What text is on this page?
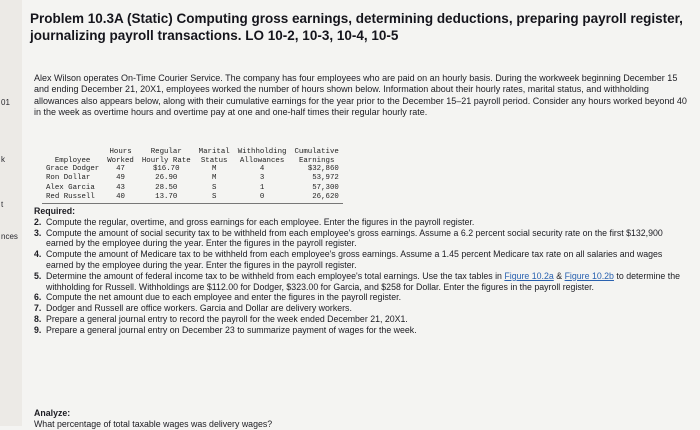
01
k
t
nces
Problem 10.3A (Static) Computing gross earnings, determining deductions, preparing payroll register, journalizing payroll transactions. LO 10-2, 10-3, 10-4, 10-5

Alex Wilson operates On-Time Courier Service. The company has four employees who are paid on an hourly basis. During the workweek beginning December 15 and ending December 21, 20X1, employees worked the number of hours shown below. Information about their hourly rates, marital status, and withholding allowances also appears below, along with their cumulative earnings for the year prior to the December 15–21 payroll period. Consider any hours worked beyond 40 in the week as overtime hours and overtime pay at one and one-half times their regular hourly rate.

	Hours	Regular	Marital	Withholding	Cumulative
Employee	Worked	Hourly Rate	Status	Allowances	Earnings
Grace Dodger	47	$16.70	M	4	$32,860
Ron Dollar	49	26.90	M	3	53,972
Alex Garcia	43	28.50	S	1	57,300
Red Russell	40	13.70	S	0	26,620
Required:
2. Compute the regular, overtime, and gross earnings for each employee. Enter the figures in the payroll register.
3. Compute the amount of social security tax to be withheld from each employee's gross earnings. Assume a 6.2 percent social security rate on the first $132,900 earned by the employee during the year. Enter the figures in the payroll register.
4. Compute the amount of Medicare tax to be withheld from each employee's gross earnings. Assume a 1.45 percent Medicare tax rate on all salaries and wages earned by the employee during the year. Enter the figures in the payroll register.
5. Determine the amount of federal income tax to be withheld from each employee's total earnings. Use the tax tables in Figure 10.2a & Figure 10.2b to determine the withholding for Russell. Withholdings are $112.00 for Dodger, $323.00 for Garcia, and $258 for Dollar. Enter the figures in the payroll register.
6. Compute the net amount due to each employee and enter the figures in the payroll register.
7. Dodger and Russell are office workers. Garcia and Dollar are delivery workers.
8. Prepare a general journal entry to record the payroll for the week ended December 21, 20X1.
9. Prepare a general journal entry on December 23 to summarize payment of wages for the week.
Analyze:
What percentage of total taxable wages was delivery wages?
